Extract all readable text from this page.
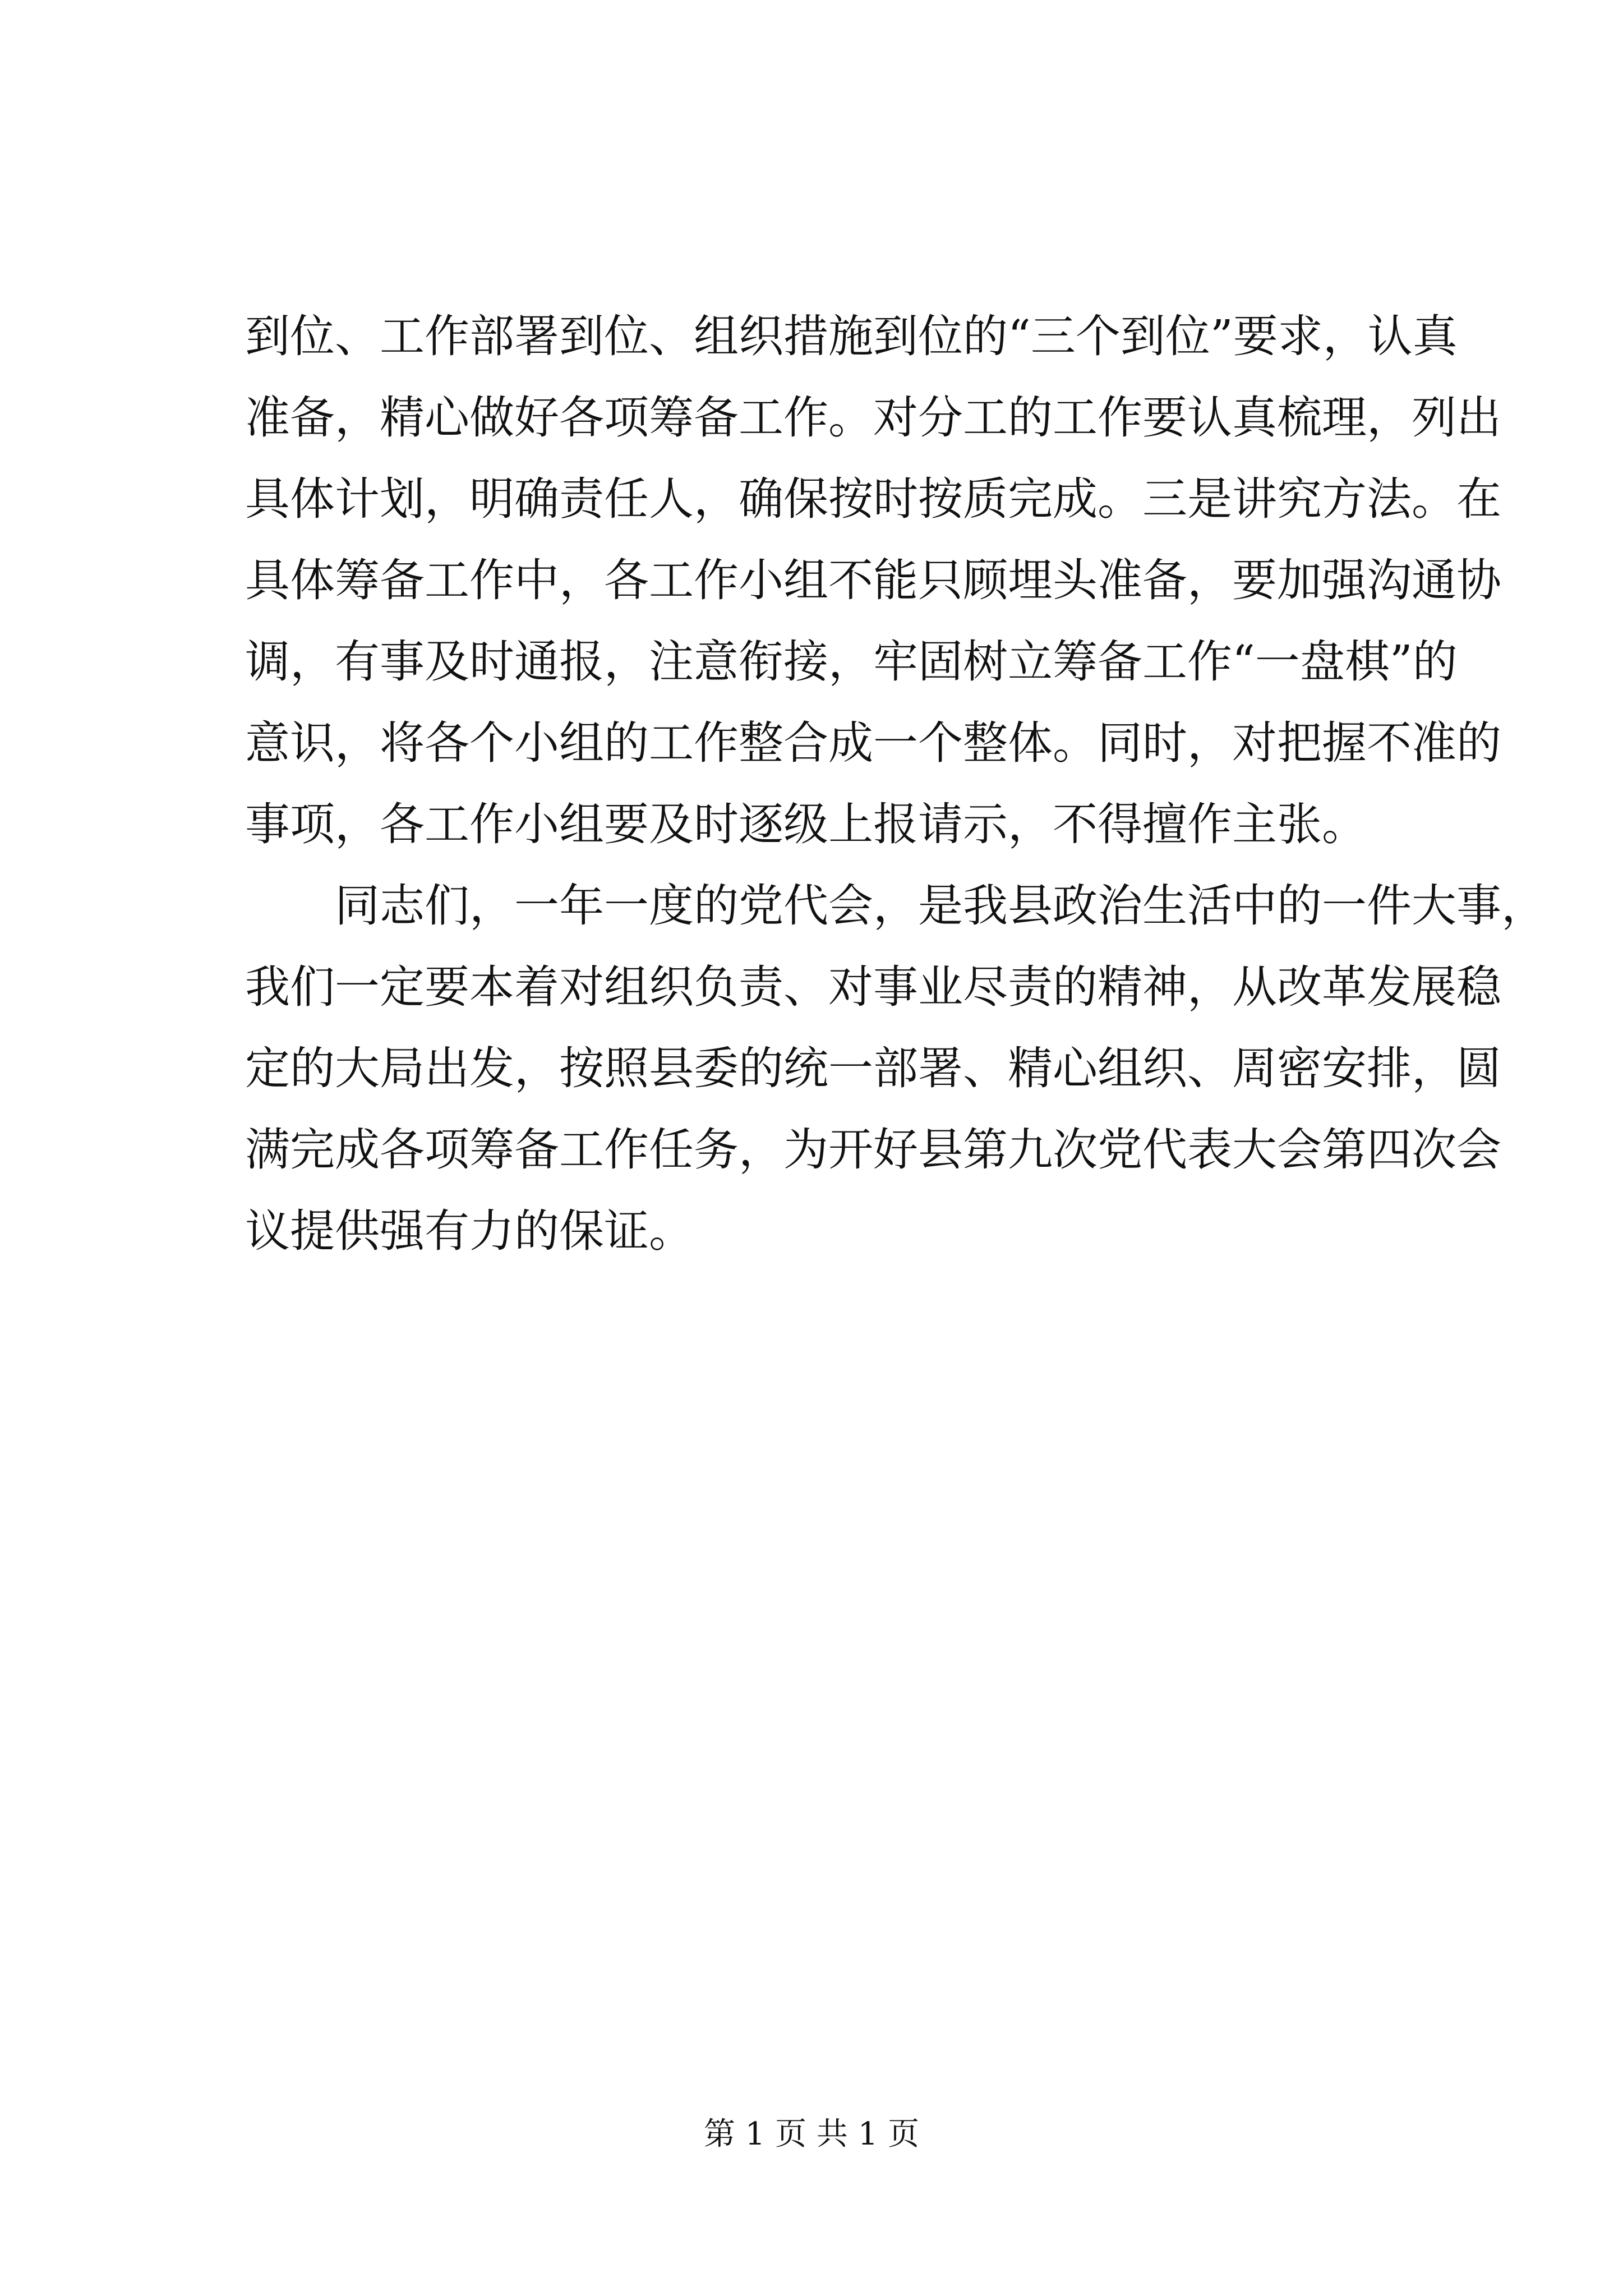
到位、工作部署到位、组织措施到位的“三个到位”要求，认真
准备，精心做好各项筹备工作。对分工的工作要认真梳理，列出
具体计划，明确责任人，确保按时按质完成。三是讲究方法。在
具体筹备工作中，各工作小组不能只顾埋头准备，要加强沟通协
调，有事及时通报，注意衔接，牢固树立筹备工作“一盘棋”的
意识，将各个小组的工作整合成一个整体。同时，对把握不准的
事项，各工作小组要及时逐级上报请示，不得擅作主张。
同志们，一年一度的党代会，是我县政治生活中的一件大事，
我们一定要本着对组织负责、对事业尽责的精神，从改革发展稳
定的大局出发，按照县委的统一部署、精心组织、周密安排，圆
满完成各项筹备工作任务，为开好县第九次党代表大会第四次会
议提供强有力的保证。
第 1 页 共 1 页
